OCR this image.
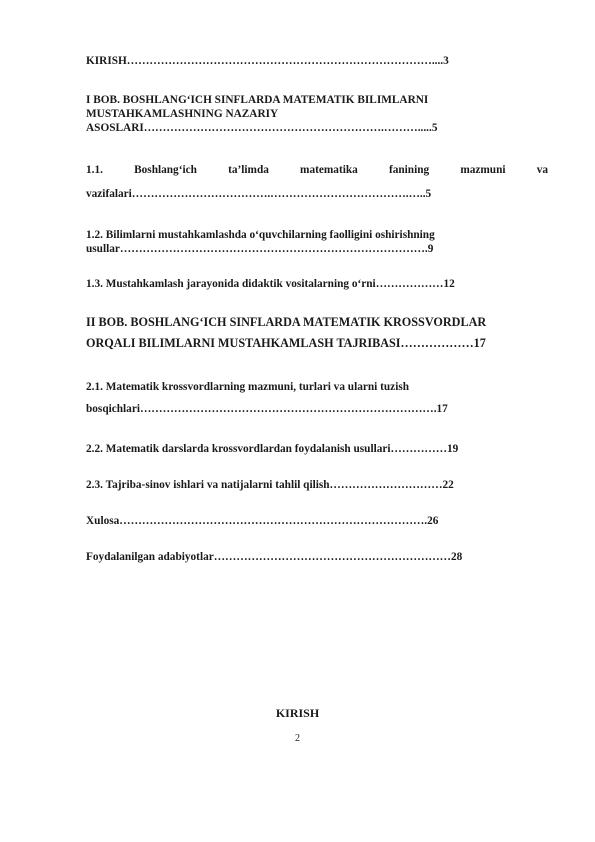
KIRISH………………………………………………………………………....3
I BOB. BOSHLANG‘ICH SINFLARDA MATEMATIK BILIMLARNI
MUSTAHKAMLASHNING NAZARIY
ASOSLARI……………………………………………………….……….....5
1.1.	Boshlang‘ich	ta’limda	matematika	fanining	mazmuni	va
vazifalari……………………………….……………………………….…..5
1.2. Bilimlarni mustahkamlashda o‘quvchilarning faolligini oshirishning
usullar……………………………………………………………………….9
1.3. Mustahkamlash jarayonida didaktik vositalarning o‘rni………………12
II BOB. BOSHLANG‘ICH SINFLARDA MATEMATIK KROSSVORDLAR
ORQALI BILIMLARNI MUSTAHKAMLASH TAJRIBASI………………17
2.1. Matematik krossvordlarning mazmuni, turlari va ularni tuzish
bosqichlari…………………………………………………………………….17
2.2. Matematik darslarda krossvordlardan foydalanish usullari……………19
2.3. Tajriba-sinov ishlari va natijalarni tahlil qilish…………………………22
Xulosa……………………………………………………………………….26
Foydalanilgan adabiyotlar………………………………………………………28
KIRISH
2
